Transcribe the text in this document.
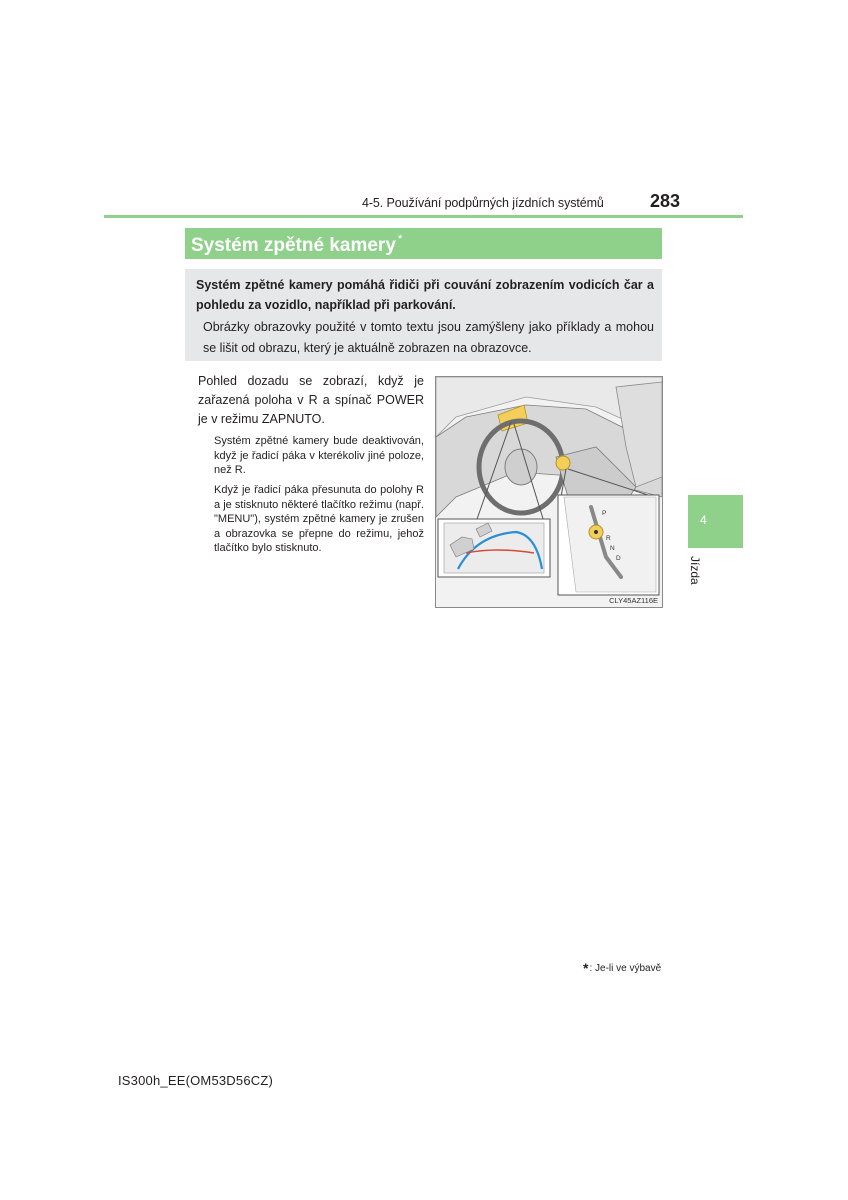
4-5. Používání podpůrných jízdních systémů	283
Systém zpětné kamery *
Systém zpětné kamery pomáhá řidiči při couvání zobrazením vodicích čar a pohledu za vozidlo, například při parkování.
Obrázky obrazovky použité v tomto textu jsou zamýšleny jako příklady a mohou se lišit od obrazu, který je aktuálně zobrazen na obrazovce.
Pohled dozadu se zobrazí, když je zařazená poloha v R a spínač POWER je v režimu ZAPNUTO.
Systém zpětné kamery bude deaktivován, když je řadicí páka v kterékoliv jiné poloze, než R.
Když je řadicí páka přesunuta do polohy R a je stisknuto některé tlačítko režimu (např. "MENU"), systém zpětné kamery je zrušen a obrazovka se přepne do režimu, jehož tlačítko bylo stisknuto.
P
R
N
D
CLY45AZ116E
4
Jízda
*: Je-li ve výbavě
IS300h_EE(OM53D56CZ)
